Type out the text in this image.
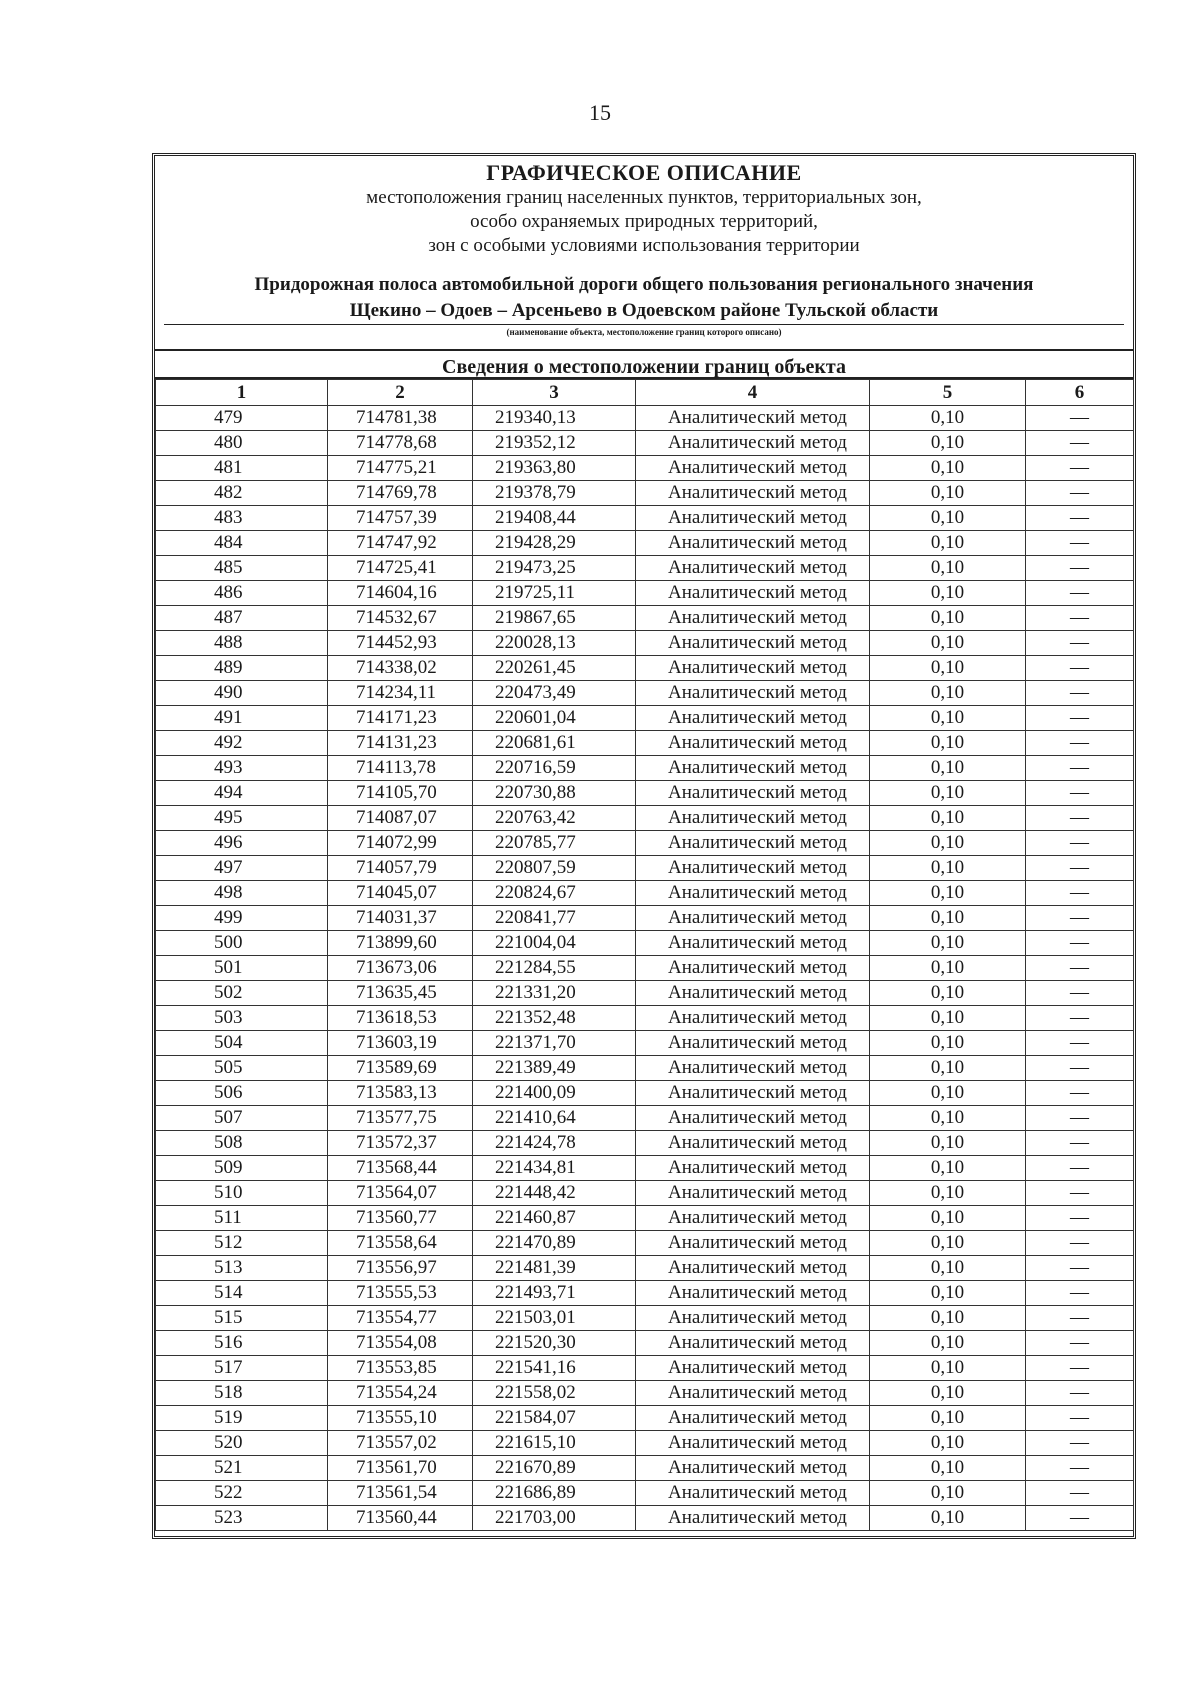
15
ГРАФИЧЕСКОЕ ОПИСАНИЕ
местоположения границ населенных пунктов, территориальных зон,
особо охраняемых природных территорий,
зон с особыми условиями использования территории
Придорожная полоса автомобильной дороги общего пользования регионального значения
Щекино – Одоев – Арсеньево в Одоевском районе Тульской области
(наименование объекта, местоположение границ которого описано)
Сведения о местоположении границ объекта
1	2	3	4	5	6
479	714781,38	219340,13	Аналитический метод	0,10	—
480	714778,68	219352,12	Аналитический метод	0,10	—
481	714775,21	219363,80	Аналитический метод	0,10	—
482	714769,78	219378,79	Аналитический метод	0,10	—
483	714757,39	219408,44	Аналитический метод	0,10	—
484	714747,92	219428,29	Аналитический метод	0,10	—
485	714725,41	219473,25	Аналитический метод	0,10	—
486	714604,16	219725,11	Аналитический метод	0,10	—
487	714532,67	219867,65	Аналитический метод	0,10	—
488	714452,93	220028,13	Аналитический метод	0,10	—
489	714338,02	220261,45	Аналитический метод	0,10	—
490	714234,11	220473,49	Аналитический метод	0,10	—
491	714171,23	220601,04	Аналитический метод	0,10	—
492	714131,23	220681,61	Аналитический метод	0,10	—
493	714113,78	220716,59	Аналитический метод	0,10	—
494	714105,70	220730,88	Аналитический метод	0,10	—
495	714087,07	220763,42	Аналитический метод	0,10	—
496	714072,99	220785,77	Аналитический метод	0,10	—
497	714057,79	220807,59	Аналитический метод	0,10	—
498	714045,07	220824,67	Аналитический метод	0,10	—
499	714031,37	220841,77	Аналитический метод	0,10	—
500	713899,60	221004,04	Аналитический метод	0,10	—
501	713673,06	221284,55	Аналитический метод	0,10	—
502	713635,45	221331,20	Аналитический метод	0,10	—
503	713618,53	221352,48	Аналитический метод	0,10	—
504	713603,19	221371,70	Аналитический метод	0,10	—
505	713589,69	221389,49	Аналитический метод	0,10	—
506	713583,13	221400,09	Аналитический метод	0,10	—
507	713577,75	221410,64	Аналитический метод	0,10	—
508	713572,37	221424,78	Аналитический метод	0,10	—
509	713568,44	221434,81	Аналитический метод	0,10	—
510	713564,07	221448,42	Аналитический метод	0,10	—
511	713560,77	221460,87	Аналитический метод	0,10	—
512	713558,64	221470,89	Аналитический метод	0,10	—
513	713556,97	221481,39	Аналитический метод	0,10	—
514	713555,53	221493,71	Аналитический метод	0,10	—
515	713554,77	221503,01	Аналитический метод	0,10	—
516	713554,08	221520,30	Аналитический метод	0,10	—
517	713553,85	221541,16	Аналитический метод	0,10	—
518	713554,24	221558,02	Аналитический метод	0,10	—
519	713555,10	221584,07	Аналитический метод	0,10	—
520	713557,02	221615,10	Аналитический метод	0,10	—
521	713561,70	221670,89	Аналитический метод	0,10	—
522	713561,54	221686,89	Аналитический метод	0,10	—
523	713560,44	221703,00	Аналитический метод	0,10	—
